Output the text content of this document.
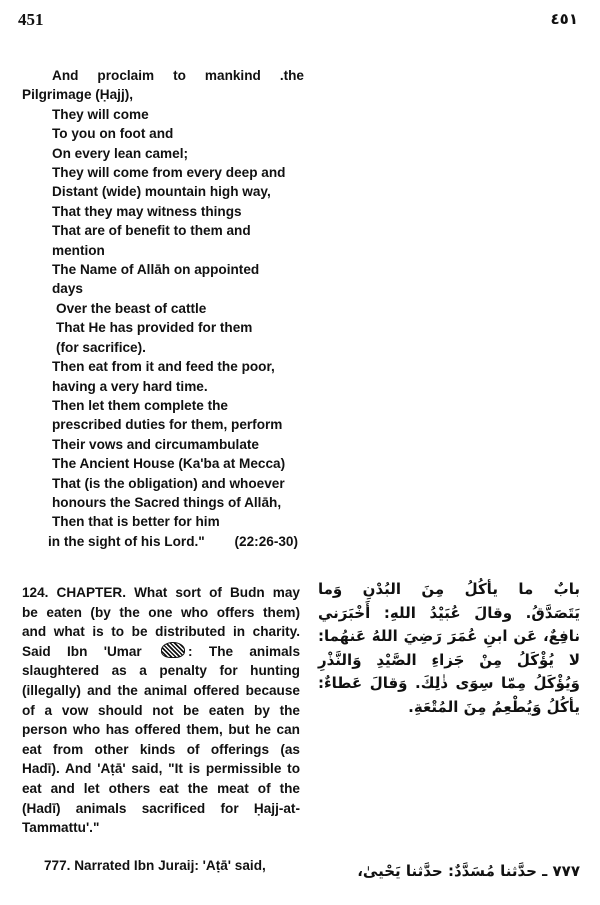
451	٤٥١
And proclaim to mankind .the
Pilgrimage (Ḥajj),
They will come
To you on foot and
On every lean camel;
They will come from every deep and
Distant (wide) mountain high way,
That they may witness things
That are of benefit to them and
mention
The Name of Allāh on appointed
days
Over the beast of cattle
That He has provided for them
(for sacrifice).
Then eat from it and feed the poor,
having a very hard time.
Then let them complete the
prescribed duties for them, perform
Their vows and circumambulate
The Ancient House (Ka'ba at Mecca)
That (is the obligation) and whoever
honours the Sacred things of Allāh,
Then that is better for him
in the sight of his Lord." (22:26-30)
124. CHAPTER. What sort of Budn may
be eaten (by the one who offers them)
and what is to be distributed in charity.
Said Ibn 'Umar	: The animals
slaughtered as a penalty for hunting
(illegally) and the animal offered because
of a vow should not be eaten by the
person who has offered them, but he can
eat from other kinds of offerings (as
Hadī). And 'Aṭā' said, "It is permissible to
eat and let others eat the meat of the
(Hadī) animals sacrificed for Ḥajj-at-
Tammattu'."
بابٌ ما يأكُلُ مِنَ البُدْنِ وَما
يَتَصَدَّقُ. وقالَ عُبَيْدُ اللهِ: أَخْبَرَني
نافِعٌ، عَن ابنِ عُمَرَ رَضِيَ اللهُ عَنهُما:
لا يُؤْكَلُ مِنْ جَزاءِ الصَّيْدِ وَالنَّذْرِ
وَيُؤْكَلُ مِمّا سِوَى ذٰلِكَ. وَقالَ عَطاءٌ:
يأكُلُ وَيُطْعِمُ مِنَ المُتْعَةِ.
777. Narrated Ibn Juraij: 'Aṭā' said,	٧٧٧ ـ حدَّثنا مُسَدَّدٌ: حدَّثنا يَحْيىٰ،
